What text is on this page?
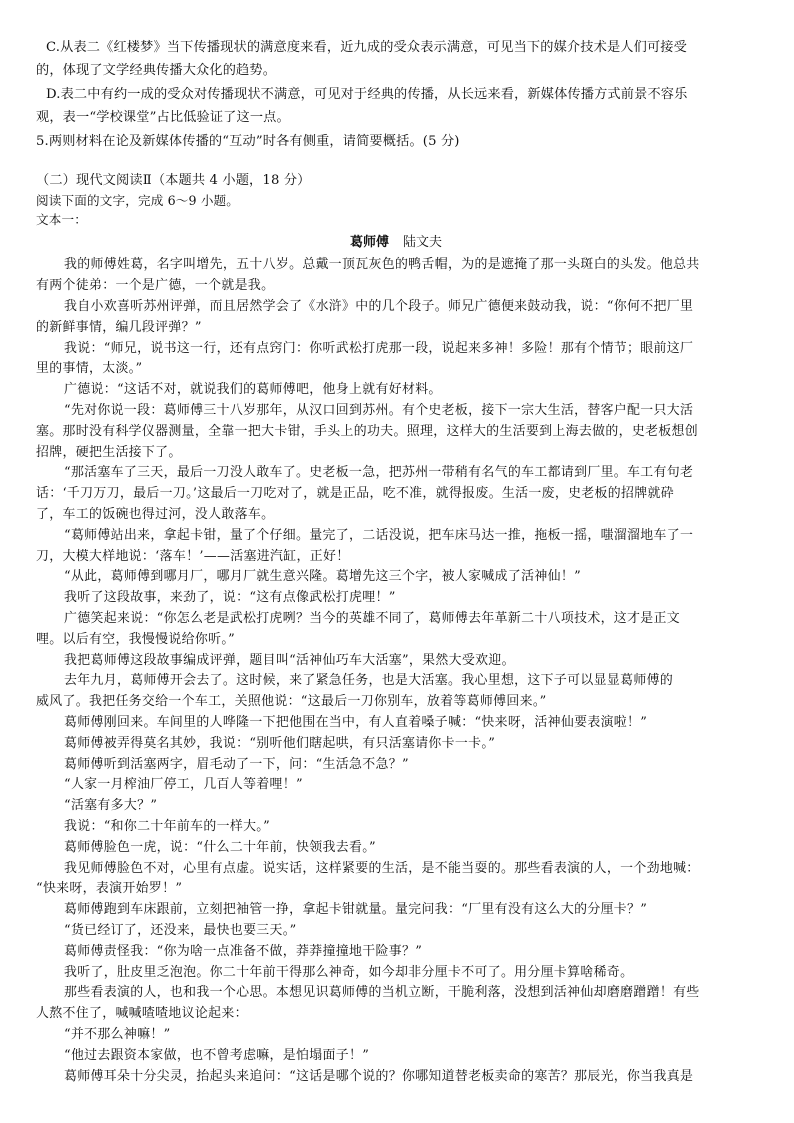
C.从表二《红楼梦》当下传播现状的满意度来看，近九成的受众表示满意，可见当下的媒介技术是人们可接受
的，体现了文学经典传播大众化的趋势。
D.表二中有约一成的受众对传播现状不满意，可见对于经典的传播，从长远来看，新媒体传播方式前景不容乐
观，表一“学校课堂”占比低验证了这一点。
5.两则材料在论及新媒体传播的“互动”时各有侧重，请简要概括。(5 分)
（二）现代文阅读Ⅱ（本题共 4 小题，18 分）
阅读下面的文字，完成 6～9 小题。
文本一：
葛师傅 陆文夫
我的师傅姓葛，名字叫增先，五十八岁。总戴一顶瓦灰色的鸭舌帽，为的是遮掩了那一头斑白的头发。他总共
有两个徒弟：一个是广德，一个就是我。
我自小欢喜听苏州评弹，而且居然学会了《水浒》中的几个段子。师兄广德便来鼓动我，说：“你何不把厂里
的新鲜事情，编几段评弹？”
我说：“师兄，说书这一行，还有点窍门：你听武松打虎那一段，说起来多神！多险！那有个情节；眼前这厂
里的事情，太淡。”
广德说：“这话不对，就说我们的葛师傅吧，他身上就有好材料。
“先对你说一段：葛师傅三十八岁那年，从汉口回到苏州。有个史老板，接下一宗大生活，替客户配一只大活
塞。那时没有科学仪器测量，全靠一把大卡钳，手头上的功夫。照理，这样大的生活要到上海去做的，史老板想创
招牌，硬把生活接下了。
“那活塞车了三天，最后一刀没人敢车了。史老板一急，把苏州一带稍有名气的车工都请到厂里。车工有句老
话：‘千刀万刀，最后一刀。’这最后一刀吃对了，就是正品，吃不准，就得报废。生活一废，史老板的招牌就砕
了，车工的饭碗也得过河，没人敢落车。
“葛师傅站出来，拿起卡钳，量了个仔细。量完了，二话没说，把车床马达一推，拖板一摇，嗤溜溜地车了一
刀，大模大样地说：‘落车！’——活塞进汽缸，正好！
“从此，葛师傅到哪月厂，哪月厂就生意兴隆。葛增先这三个字，被人家喊成了活神仙！”
我听了这段故事，来劲了，说：“这有点像武松打虎哩！”
广德笑起来说：“你怎么老是武松打虎咧？当今的英雄不同了，葛师傅去年革新二十八项技术，这才是正文
哩。以后有空，我慢慢说给你听。”
我把葛师傅这段故事编成评弹，题目叫“活神仙巧车大活塞”，果然大受欢迎。
去年九月，葛师傅开会去了。这时候，来了紧急任务，也是大活塞。我心里想，这下子可以显显葛师傅的
威风了。我把任务交给一个车工，关照他说：“这最后一刀你别车，放着等葛师傅回来。”
葛师傅刚回来。车间里的人哗隆一下把他围在当中，有人直着嗓子喊：“快来呀，活神仙要表演啦！”
葛师傅被弄得莫名其妙，我说：“别听他们瞎起哄，有只活塞请你卡一卡。”
葛师傅听到活塞两字，眉毛动了一下，问：“生活急不急？”
“人家一月榨油厂停工，几百人等着哩！”
“活塞有多大？”
我说：“和你二十年前车的一样大。”
葛师傅脸色一虎，说：“什么二十年前，快领我去看。”
我见师傅脸色不对，心里有点虚。说实话，这样紧要的生活，是不能当耍的。那些看表演的人，一个劲地喊：
“快来呀，表演开始罗！”
葛师傅跑到车床跟前，立刻把袖管一挣，拿起卡钳就量。量完问我：“厂里有没有这么大的分厘卡？”
“货已经订了，还没来，最快也要三天。”
葛师傅责怪我：“你为啥一点准备不做，莽莽撞撞地干险事？”
我听了，肚皮里乏泡泡。你二十年前干得那么神奇，如今却非分厘卡不可了。用分厘卡算啥稀奇。
那些看表演的人，也和我一个心思。本想见识葛师傅的当机立断，干脆利落，没想到活神仙却磨磨蹭蹭！有些
人熬不住了，喊喊喳喳地议论起来：
“并不那么神嘛！”
“他过去跟资本家做，也不曾考虑嘛，是怕塌面子！”
葛师傅耳朵十分尖灵，抬起头来追问：“这话是哪个说的？你哪知道替老板卖命的寒苦？那辰光，你当我真是
